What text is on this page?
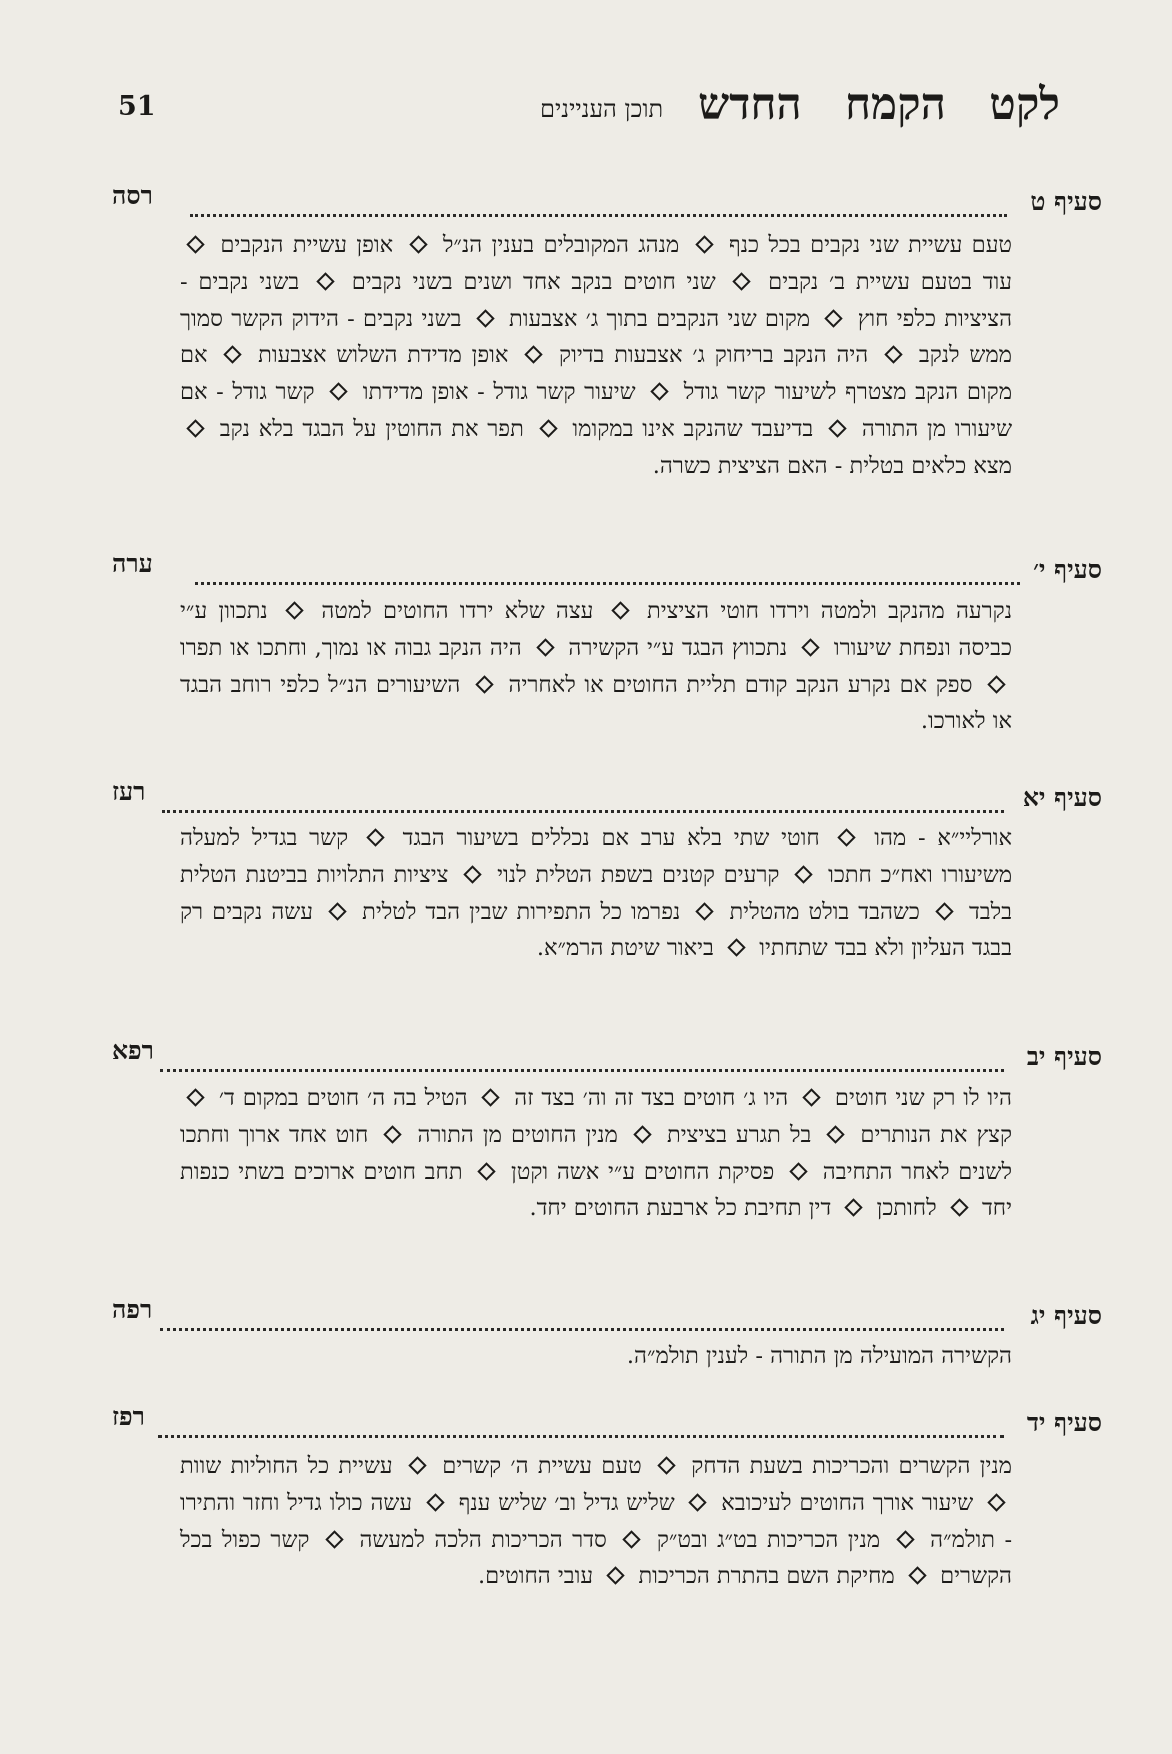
51	תוכן העניינים לקט הקמח החדש
סעיף ט
רסה
טעם עשיית שני נקבים בכל כנף  מנהג המקובלים בענין הנ״ל  אופן עשיית הנקבים  עוד בטעם עשיית ב׳ נקבים  שני חוטים בנקב אחד ושנים בשני נקבים  בשני נקבים - הציציות כלפי חוץ  מקום שני הנקבים בתוך ג׳ אצבעות  בשני נקבים - הידוק הקשר סמוך ממש לנקב  היה הנקב בריחוק ג׳ אצבעות בדיוק  אופן מדידת השלוש אצבעות  אם מקום הנקב מצטרף לשיעור קשר גודל  שיעור קשר גודל - אופן מדידתו  קשר גודל - אם שיעורו מן התורה  בדיעבד שהנקב אינו במקומו  תפר את החוטין על הבגד בלא נקב  מצא כלאים בטלית - האם הציצית כשרה.
סעיף י׳
ערה
נקרעה מהנקב ולמטה וירדו חוטי הציצית  עצה שלא ירדו החוטים למטה  נתכוון ע״י כביסה ונפחת שיעורו  נתכווץ הבגד ע״י הקשירה  היה הנקב גבוה או נמוך, וחתכו או תפרו  ספק אם נקרע הנקב קודם תליית החוטים או לאחריה  השיעורים הנ״ל כלפי רוחב הבגד או לאורכו.
סעיף יא
רעז
אורליי״א - מהו  חוטי שתי בלא ערב אם נכללים בשיעור הבגד  קשר בגדיל למעלה משיעורו ואח״כ חתכו  קרעים קטנים בשפת הטלית לנוי  ציציות התלויות בביטנת הטלית בלבד  כשהבד בולט מהטלית  נפרמו כל התפירות שבין הבד לטלית  עשה נקבים רק בבגד העליון ולא בבד שתחתיו  ביאור שיטת הרמ״א.
סעיף יב
רפא
היו לו רק שני חוטים  היו ג׳ חוטים בצד זה וה׳ בצד זה  הטיל בה ה׳ חוטים במקום ד׳  קצץ את הנותרים  בל תגרע בציצית  מנין החוטים מן התורה  חוט אחד ארוך וחתכו לשנים לאחר התחיבה  פסיקת החוטים ע״י אשה וקטן  תחב חוטים ארוכים בשתי כנפות יחד  לחותכן  דין תחיבת כל ארבעת החוטים יחד.
סעיף יג
רפה
הקשירה המועילה מן התורה - לענין תולמ״ה.
סעיף יד
רפז
מנין הקשרים והכריכות בשעת הדחק  טעם עשיית ה׳ קשרים  עשיית כל החוליות שוות  שיעור אורך החוטים לעיכובא  שליש גדיל וב׳ שליש ענף  עשה כולו גדיל וחזר והתירו - תולמ״ה  מנין הכריכות בט״ג ובט״ק  סדר הכריכות הלכה למעשה  קשר כפול בכל הקשרים  מחיקת השם בהתרת הכריכות  עובי החוטים.
